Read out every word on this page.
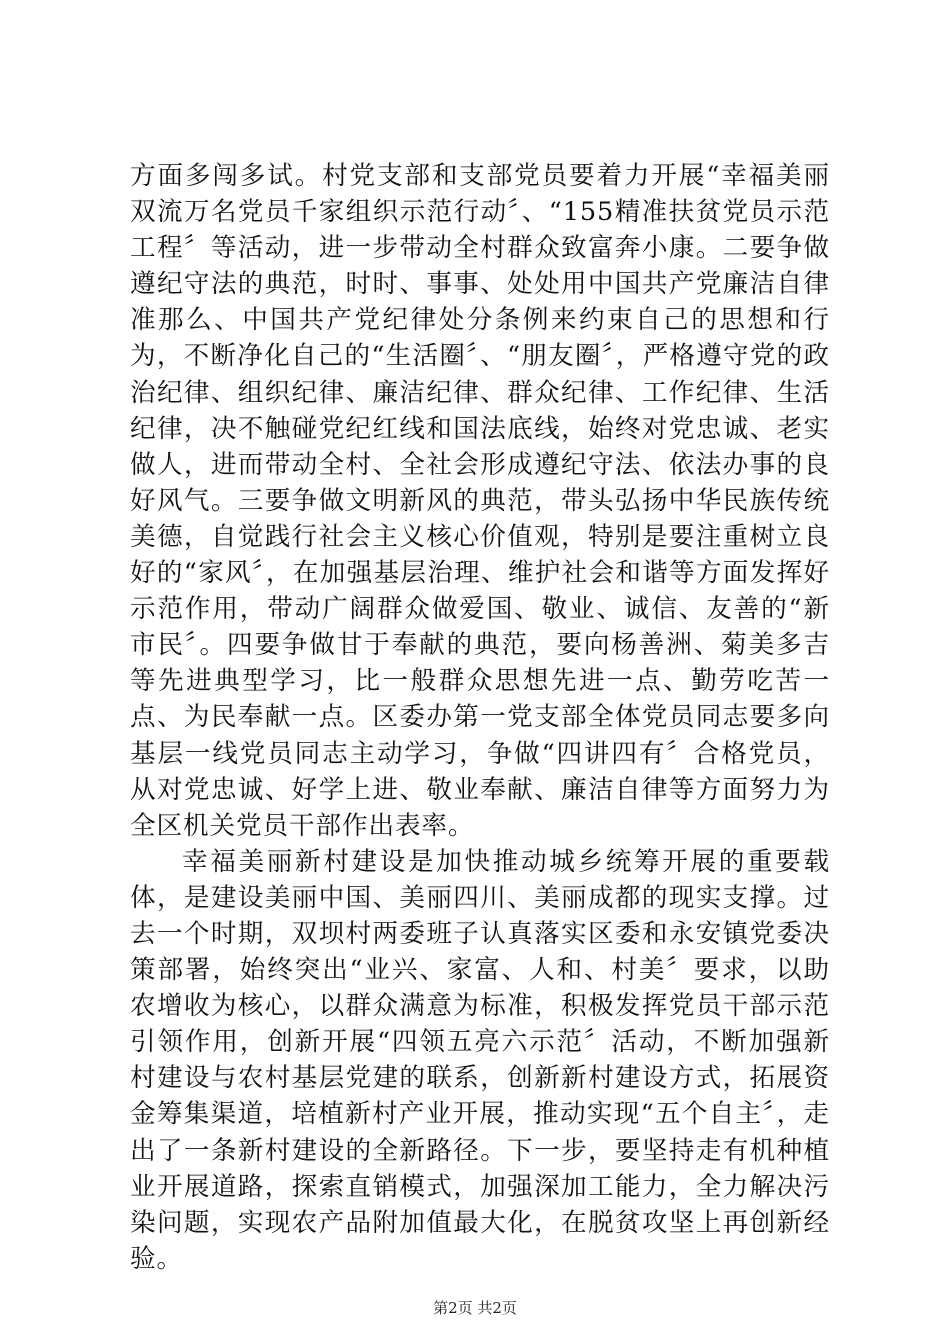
方面多闯多试。村党支部和支部党员要着力开展“幸福美丽双流万名党员千家组织示范行动〞、“155精准扶贫党员示范工程〞等活动，进一步带动全村群众致富奔小康。二要争做遵纪守法的典范，时时、事事、处处用中国共产党廉洁自律准那么、中国共产党纪律处分条例来约束自己的思想和行为，不断净化自己的“生活圈〞、“朋友圈〞，严格遵守党的政治纪律、组织纪律、廉洁纪律、群众纪律、工作纪律、生活纪律，决不触碰党纪红线和国法底线，始终对党忠诚、老实做人，进而带动全村、全社会形成遵纪守法、依法办事的良好风气。三要争做文明新风的典范，带头弘扬中华民族传统美德，自觉践行社会主义核心价值观，特别是要注重树立良好的“家风〞，在加强基层治理、维护社会和谐等方面发挥好示范作用，带动广阔群众做爱国、敬业、诚信、友善的“新市民〞。四要争做甘于奉献的典范，要向杨善洲、菊美多吉等先进典型学习，比一般群众思想先进一点、勤劳吃苦一点、为民奉献一点。区委办第一党支部全体党员同志要多向基层一线党员同志主动学习，争做“四讲四有〞合格党员，从对党忠诚、好学上进、敬业奉献、廉洁自律等方面努力为全区机关党员干部作出表率。

幸福美丽新村建设是加快推动城乡统筹开展的重要载体，是建设美丽中国、美丽四川、美丽成都的现实支撑。过去一个时期，双坝村两委班子认真落实区委和永安镇党委决策部署，始终突出“业兴、家富、人和、村美〞要求，以助农增收为核心，以群众满意为标准，积极发挥党员干部示范引领作用，创新开展“四领五亮六示范〞活动，不断加强新村建设与农村基层党建的联系，创新新村建设方式，拓展资金筹集渠道，培植新村产业开展，推动实现“五个自主〞，走出了一条新村建设的全新路径。下一步，要坚持走有机种植业开展道路，探索直销模式，加强深加工能力，全力解决污染问题，实现农产品附加值最大化，在脱贫攻坚上再创新经验。

第2页 共2页
